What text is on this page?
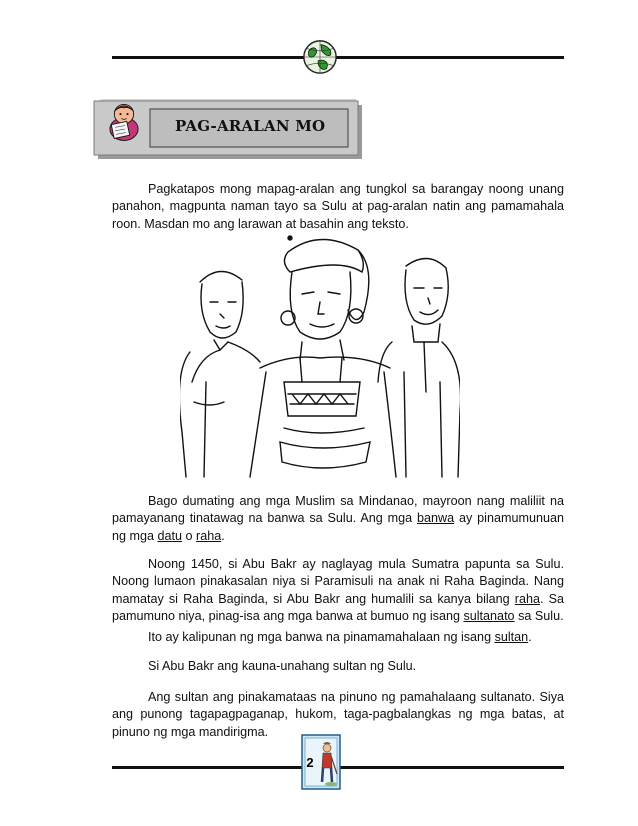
PAG-ARALAN MO

Pagkatapos mong mapag-aralan ang tungkol sa barangay noong unang panahon, magpunta naman tayo sa Sulu at pag-aralan natin ang pamamahala roon. Masdan mo ang larawan at basahin ang teksto.

Bago dumating ang mga Muslim sa Mindanao, mayroon nang maliliit na pamayanang tinatawag na banwa sa Sulu. Ang mga banwa ay pinamumunuan ng mga datu o raha.

Noong 1450, si Abu Bakr ay naglayag mula Sumatra papunta sa Sulu. Noong lumaon pinakasalan niya si Paramisuli na anak ni Raha Baginda. Nang mamatay si Raha Baginda, si Abu Bakr ang humalili sa kanya bilang raha. Sa pamumuno niya, pinag-isa ang mga banwa at bumuo ng isang sultanato sa Sulu.

Ito ay kalipunan ng mga banwa na pinamamahalaan ng isang sultan.

Si Abu Bakr ang kauna-unahang sultan ng Sulu.

Ang sultan ang pinakamataas na pinuno ng pamahalaang sultanato. Siya ang punong tagapagpaganap, hukom, taga-pagbalangkas ng mga batas, at pinuno ng mga mandirigma.

2
